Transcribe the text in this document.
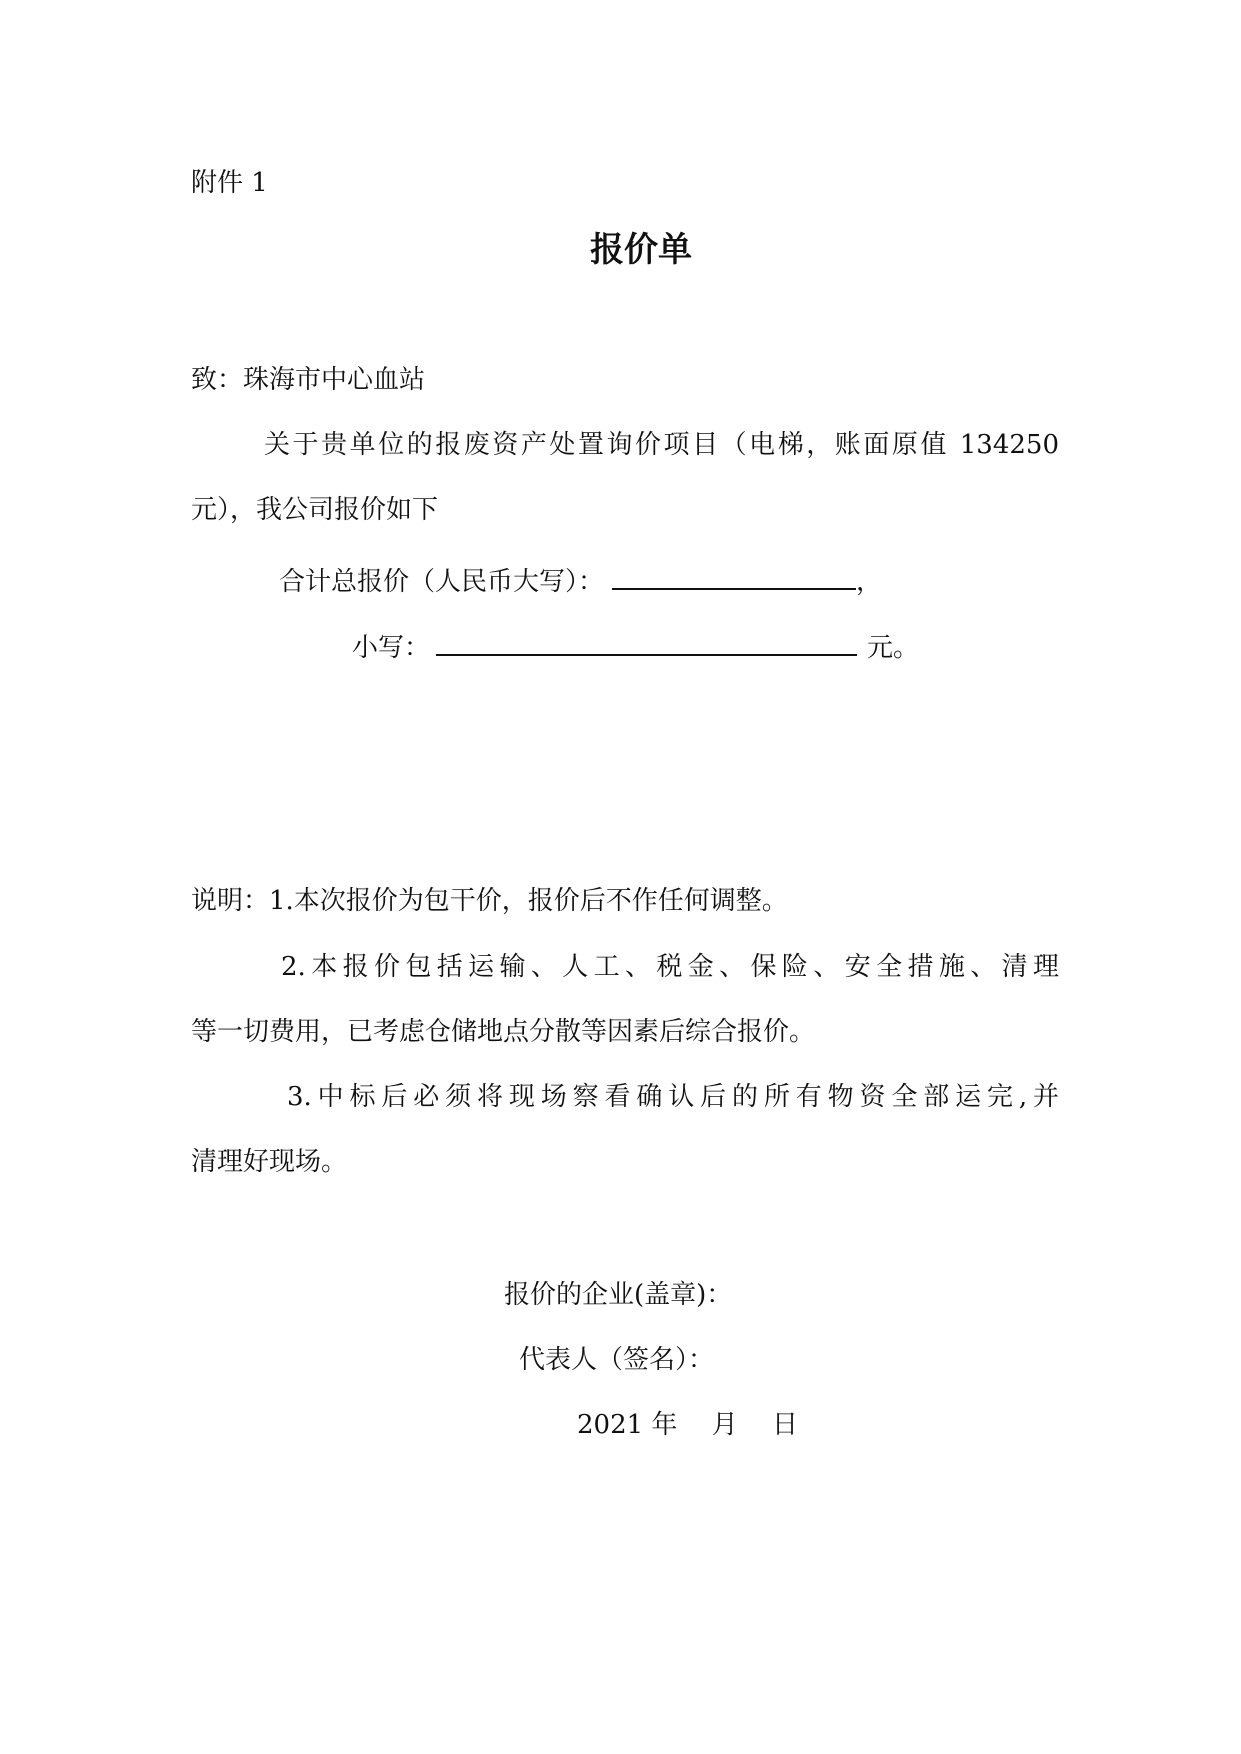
附件 1
报价单
致：珠海市中心血站
关于贵单位的报废资产处置询价项目（电梯，账面原值 134250
元），我公司报价如下
合计总报价（人民币大写）：	，
小写：	元。
说明：1.本次报价为包干价，报价后不作任何调整。
2.本报价包括运输、人工、税金、保险、安全措施、清理
等一切费用，已考虑仓储地点分散等因素后综合报价。
3.中标后必须将现场察看确认后的所有物资全部运完,并
清理好现场。
报价的企业(盖章)：
代表人（签名）：
2021 年　 月　 日
